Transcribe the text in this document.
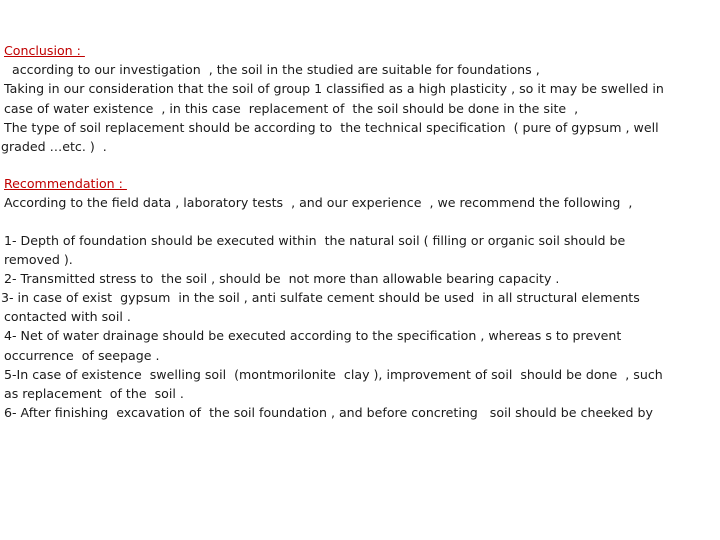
Conclusion :
according to our investigation  , the soil in the studied are suitable for foundations ,
Taking in our consideration that the soil of group 1 classified as a high plasticity , so it may be swelled in
case of water existence  , in this case  replacement of  the soil should be done in the site  ,
The type of soil replacement should be according to  the technical specification  ( pure of gypsum , well
graded …etc. )  .
Recommendation :
According to the field data , laboratory tests  , and our experience  , we recommend the following  ,
1- Depth of foundation should be executed within  the natural soil ( filling or organic soil should be
removed ).
2- Transmitted stress to  the soil , should be  not more than allowable bearing capacity .
3- in case of exist  gypsum  in the soil , anti sulfate cement should be used  in all structural elements
contacted with soil .
4- Net of water drainage should be executed according to the specification , whereas s to prevent
occurrence  of seepage .
5-In case of existence  swelling soil  (montmorilonite  clay ), improvement of soil  should be done  , such
as replacement  of the  soil .
6- After finishing  excavation of  the soil foundation , and before concreting   soil should be cheeked by
